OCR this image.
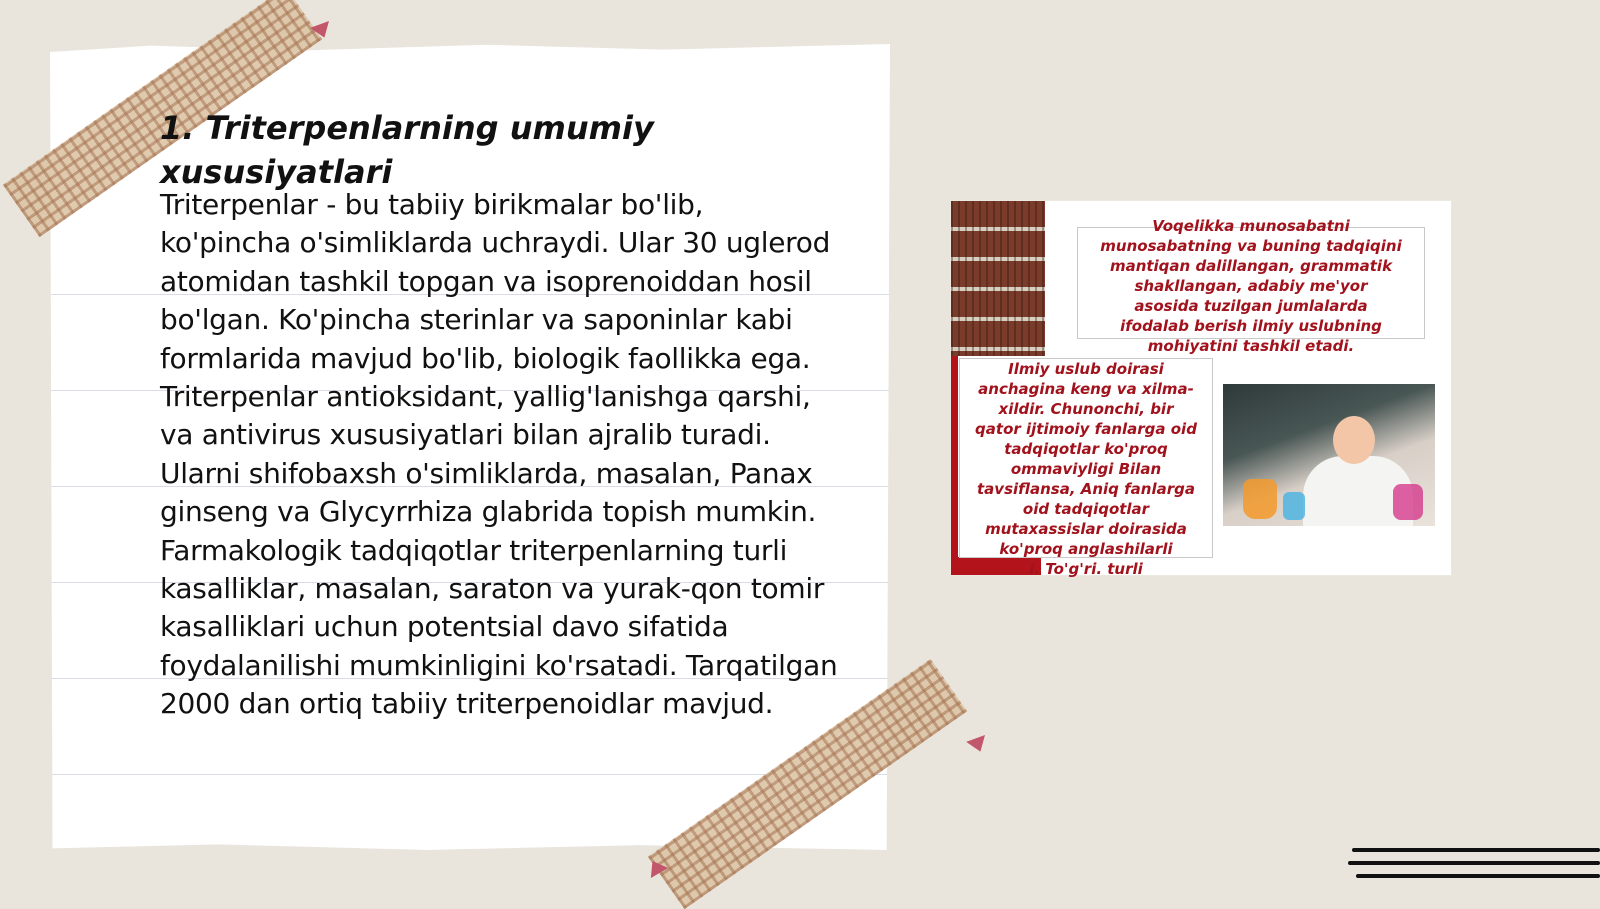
1. Triterpenlarning umumiy xususiyatlari

Triterpenlar - bu tabiiy birikmalar bo'lib, ko'pincha o'simliklarda uchraydi. Ular 30 uglerod atomidan tashkil topgan va isoprenoiddan hosil bo'lgan. Ko'pincha sterinlar va saponinlar kabi formlarida mavjud bo'lib, biologik faollikka ega. Triterpenlar antioksidant, yallig'lanishga qarshi, va antivirus xususiyatlari bilan ajralib turadi. Ularni shifobaxsh o'simliklarda, masalan, Panax ginseng va Glycyrrhiza glabrida topish mumkin. Farmakologik tadqiqotlar triterpenlarning turli kasalliklar, masalan, saraton va yurak-qon tomir kasalliklari uchun potentsial davo sifatida foydalanilishi mumkinligini ko'rsatadi. Tarqatilgan 2000 dan ortiq tabiiy triterpenoidlar mavjud.

Voqelikka munosabatni
munosabatning va buning tadqiqini
mantiqan dalillangan, grammatik
shakllangan, adabiy me'yor
asosida tuzilgan jumlalarda
ifodalab berish ilmiy uslubning
mohiyatini tashkil etadi.
Ilmiy uslub doirasi
anchagina keng va xilma-
xildir. Chunonchi, bir
qator ijtimoiy fanlarga oid
tadqiqotlar ko'proq
ommaviyligi Bilan
tavsiflansa, Aniq fanlarga
oid tadqiqotlar
mutaxassislar doirasida
ko'proq anglashilarli
i. To'g'ri. turli
